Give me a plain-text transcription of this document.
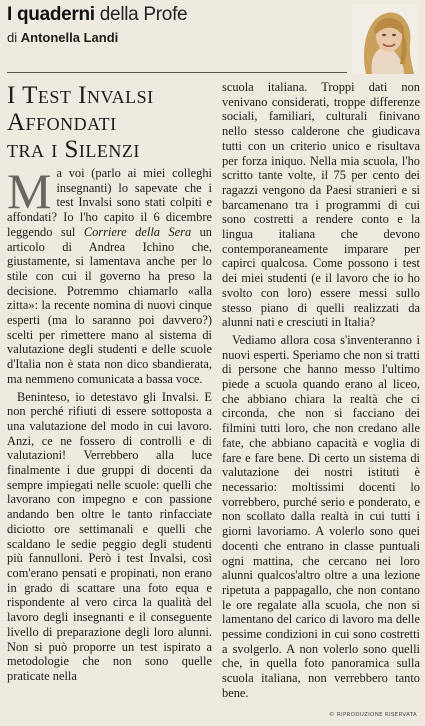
I quaderni della Profe
di Antonella Landi
I Test Invalsi
Affondati
tra i Silenzi

Ma voi (parlo ai miei colleghi insegnanti) lo sapevate che i test Invalsi sono stati colpiti e affondati? Io l'ho capito il 6 dicembre leggendo sul Corriere della Sera un articolo di Andrea Ichino che, giustamente, si lamentava anche per lo stile con cui il governo ha preso la decisione. Potremmo chiamarlo «alla zitta»: la recente nomina di nuovi cinque esperti (ma lo saranno poi davvero?) scelti per rimettere mano al sistema di valutazione degli studenti e delle scuole d'Italia non è stata non dico sbandierata, ma nemmeno comunicata a bassa voce.

Beninteso, io detestavo gli Invalsi. E non perché rifiuti di essere sottoposta a una valutazione del modo in cui lavoro. Anzi, ce ne fossero di controlli e di valutazioni! Verrebbero alla luce finalmente i due gruppi di docenti da sempre impiegati nelle scuole: quelli che lavorano con impegno e con passione andando ben oltre le tanto rinfacciate diciotto ore settimanali e quelli che scaldano le sedie peggio degli studenti più fannulloni. Però i test Invalsi, così com'erano pensati e propinati, non erano in grado di scattare una foto equa e rispondente al vero circa la qualità del lavoro degli insegnanti e il conseguente livello di preparazione degli loro alunni. Non si può proporre un test ispirato a metodologie che non sono quelle praticate nella

scuola italiana. Troppi dati non venivano considerati, troppe differenze sociali, familiari, culturali finivano nello stesso calderone che giudicava tutti con un criterio unico e risultava per forza iniquo. Nella mia scuola, l'ho scritto tante volte, il 75 per cento dei ragazzi vengono da Paesi stranieri e si barcamenano tra i programmi di cui sono costretti a rendere conto e la lingua italiana che devono contemporaneamente imparare per capirci qualcosa. Come possono i test dei miei studenti (e il lavoro che io ho svolto con loro) essere messi sullo stesso piano di quelli realizzati da alunni nati e cresciuti in Italia?

Vediamo allora cosa s'inventeranno i nuovi esperti. Speriamo che non si tratti di persone che hanno messo l'ultimo piede a scuola quando erano al liceo, che abbiano chiara la realtà che ci circonda, che non si facciano dei filmini tutti loro, che non credano alle fate, che abbiano capacità e voglia di fare e fare bene. Di certo un sistema di valutazione dei nostri istituti è necessario: moltissimi docenti lo vorrebbero, purché serio e ponderato, e non scollato dalla realtà in cui tutti i giorni lavoriamo. A volerlo sono quei docenti che entrano in classe puntuali ogni mattina, che cercano nei loro alunni qualcos'altro oltre a una lezione ripetuta a pappagallo, che non contano le ore regalate alla scuola, che non si lamentano del carico di lavoro ma delle pessime condizioni in cui sono costretti a svolgerlo. A non volerlo sono quelli che, in quella foto panoramica sulla scuola italiana, non verrebbero tanto bene.

© RIPRODUZIONE RISERVATA
